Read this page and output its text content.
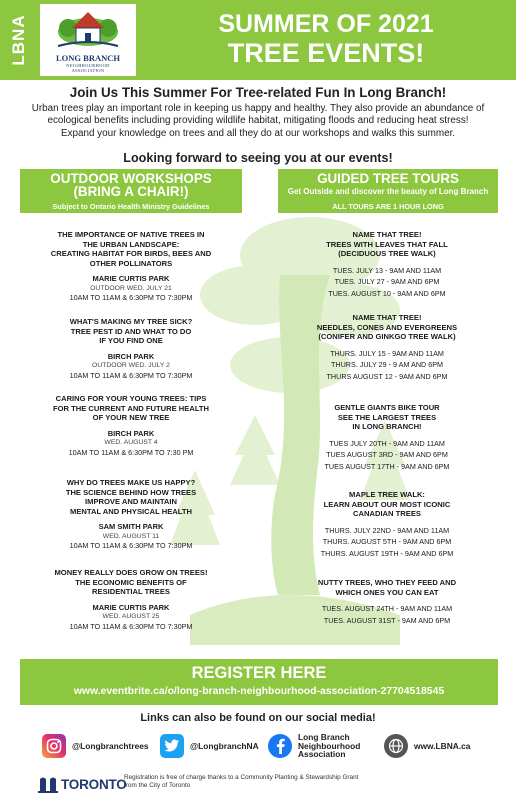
LBNA	LONG BRANCH
NEIGHBOURHOOD
ASSOCIATION
SUMMER OF 2021
TREE EVENTS!
Join Us This Summer For Tree-related Fun In Long Branch!
Urban trees play an important role in keeping us happy and healthy. They also provide an abundance of
ecological benefits including providing wildlife habitat, mitigating floods and reducing heat stress!
Expand your knowledge on trees and all they do at our workshops and walks this summer.
Looking forward to seeing you at our events!
OUTDOOR WORKSHOPS
(BRING A CHAIR!)
Subject to Ontario Health Ministry Guidelines
GUIDED TREE TOURS
Get Outside and discover the beauty of Long Branch
ALL TOURS ARE 1 HOUR LONG
THE IMPORTANCE OF NATIVE TREES IN
THE URBAN LANDSCAPE:
CREATING HABITAT FOR BIRDS, BEES AND
OTHER POLLINATORS
MARIE CURTIS PARK
OUTDOOR WED. JULY 21
10AM TO 11AM & 6:30PM TO 7:30PM
WHAT'S MAKING MY TREE SICK?
TREE PEST ID AND WHAT TO DO
IF YOU FIND ONE
BIRCH PARK
OUTDOOR WED. JULY 2
10AM TO 11AM & 6:30PM TO 7:30PM
CARING FOR YOUR YOUNG TREES: TIPS
FOR THE CURRENT AND FUTURE HEALTH
OF YOUR NEW TREE
BIRCH PARK
WED. AUGUST 4
10AM TO 11AM & 6:30PM TO 7:30 PM
WHY DO TREES MAKE US HAPPY?
THE SCIENCE BEHIND HOW TREES
IMPROVE AND MAINTAIN
MENTAL AND PHYSICAL HEALTH
SAM SMITH PARK
WED. AUGUST 11
10AM TO 11AM & 6:30PM TO 7:30PM
MONEY REALLY DOES GROW ON TREES!
THE ECONOMIC BENEFITS OF
RESIDENTIAL TREES
MARIE CURTIS PARK
WED. AUGUST 25
10AM TO 11AM & 6:30PM TO 7:30PM
NAME THAT TREE!
TREES WITH LEAVES THAT FALL
(DECIDUOUS TREE WALK)
TUES. JULY 13 - 9AM AND 11AM
TUES. JULY 27 - 9AM AND 6PM
TUES. AUGUST 10 - 9AM AND 6PM
NAME THAT TREE!
NEEDLES, CONES AND EVERGREENS
(CONIFER AND GINKGO TREE WALK)
THURS. JULY 15 - 9AM AND 11AM
THURS. JULY 29 - 9 AM AND 6PM
THURS AUGUST 12 - 9AM AND 6PM
GENTLE GIANTS BIKE TOUR
SEE THE LARGEST TREES
IN LONG BRANCH!
TUES JULY 20TH - 9AM AND 11AM
TUES AUGUST 3RD - 9AM AND 6PM
TUES AUGUST 17TH - 9AM AND 6PM
MAPLE TREE WALK:
LEARN ABOUT OUR MOST ICONIC
CANADIAN TREES
THURS. JULY 22ND - 9AM AND 11AM
THURS. AUGUST 5TH - 9AM AND 6PM
THURS. AUGUST 19TH - 9AM AND 6PM
NUTTY TREES, WHO THEY FEED AND
WHICH ONES YOU CAN EAT
TUES. AUGUST 24TH - 9AM AND 11AM
TUES. AUGUST 31ST - 9AM AND 6PM
REGISTER HERE
www.eventbrite.ca/o/long-branch-neighbourhood-association-27704518545
Links can also be found on our social media!
@Longbranchtrees	@LongbranchNA
Long Branch
Neighbourhood
Association
www.LBNA.ca
TORONTO
Registration is free of charge thanks to a Community Planting & Stewardship Grant
from the City of Toronto
